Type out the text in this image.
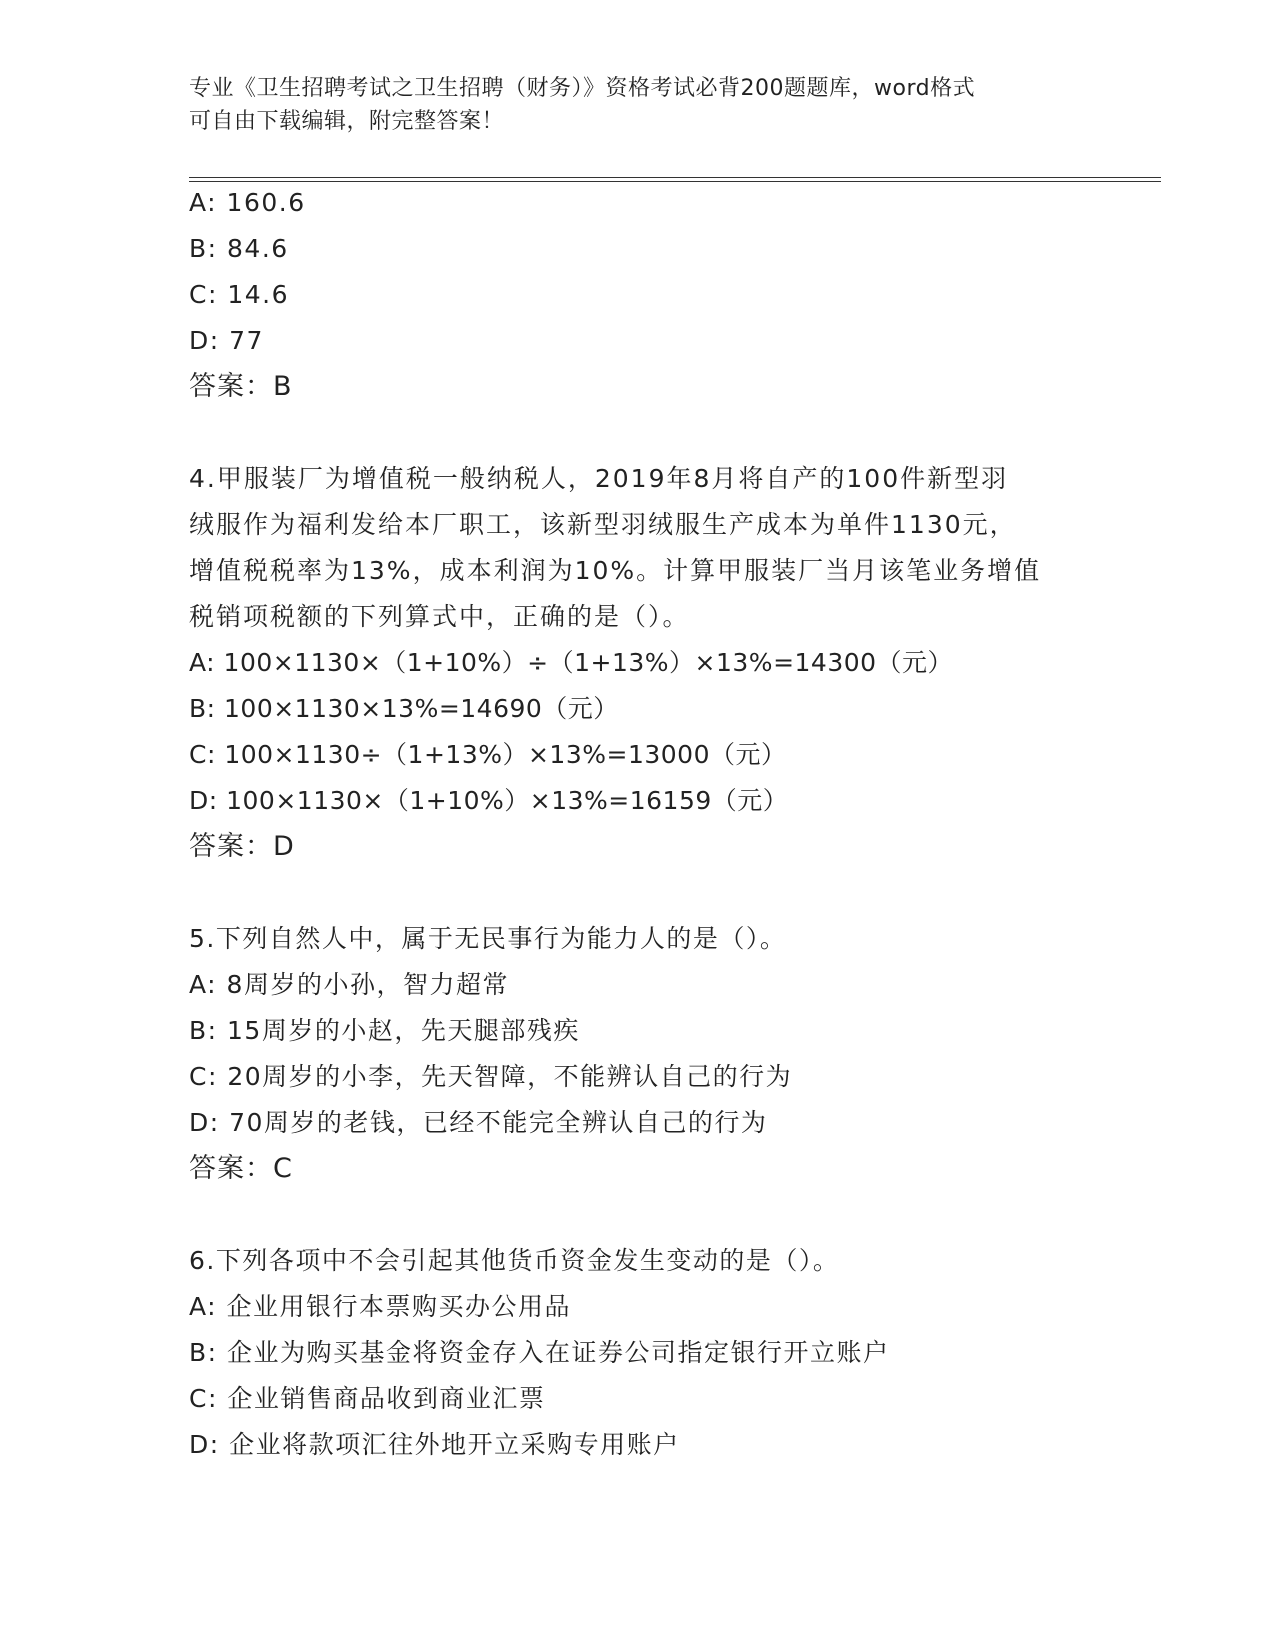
专业《卫生招聘考试之卫生招聘（财务）》资格考试必背200题题库，word格式
可自由下载编辑，附完整答案！
A: 160.6
B: 84.6
C: 14.6
D: 77
答案：B
4.甲服装厂为增值税一般纳税人，2019年8月将自产的100件新型羽
绒服作为福利发给本厂职工，该新型羽绒服生产成本为单件1130元，
增值税税率为13%，成本利润为10%。计算甲服装厂当月该笔业务增值
税销项税额的下列算式中，正确的是（）。
A: 100×1130×（1+10%）÷（1+13%）×13%=14300（元）
B: 100×1130×13%=14690（元）
C: 100×1130÷（1+13%）×13%=13000（元）
D: 100×1130×（1+10%）×13%=16159（元）
答案：D
5.下列自然人中，属于无民事行为能力人的是（）。
A: 8周岁的小孙，智力超常
B: 15周岁的小赵，先天腿部残疾
C: 20周岁的小李，先天智障，不能辨认自己的行为
D: 70周岁的老钱，已经不能完全辨认自己的行为
答案：C
6.下列各项中不会引起其他货币资金发生变动的是（）。
A: 企业用银行本票购买办公用品
B: 企业为购买基金将资金存入在证券公司指定银行开立账户
C: 企业销售商品收到商业汇票
D: 企业将款项汇往外地开立采购专用账户
